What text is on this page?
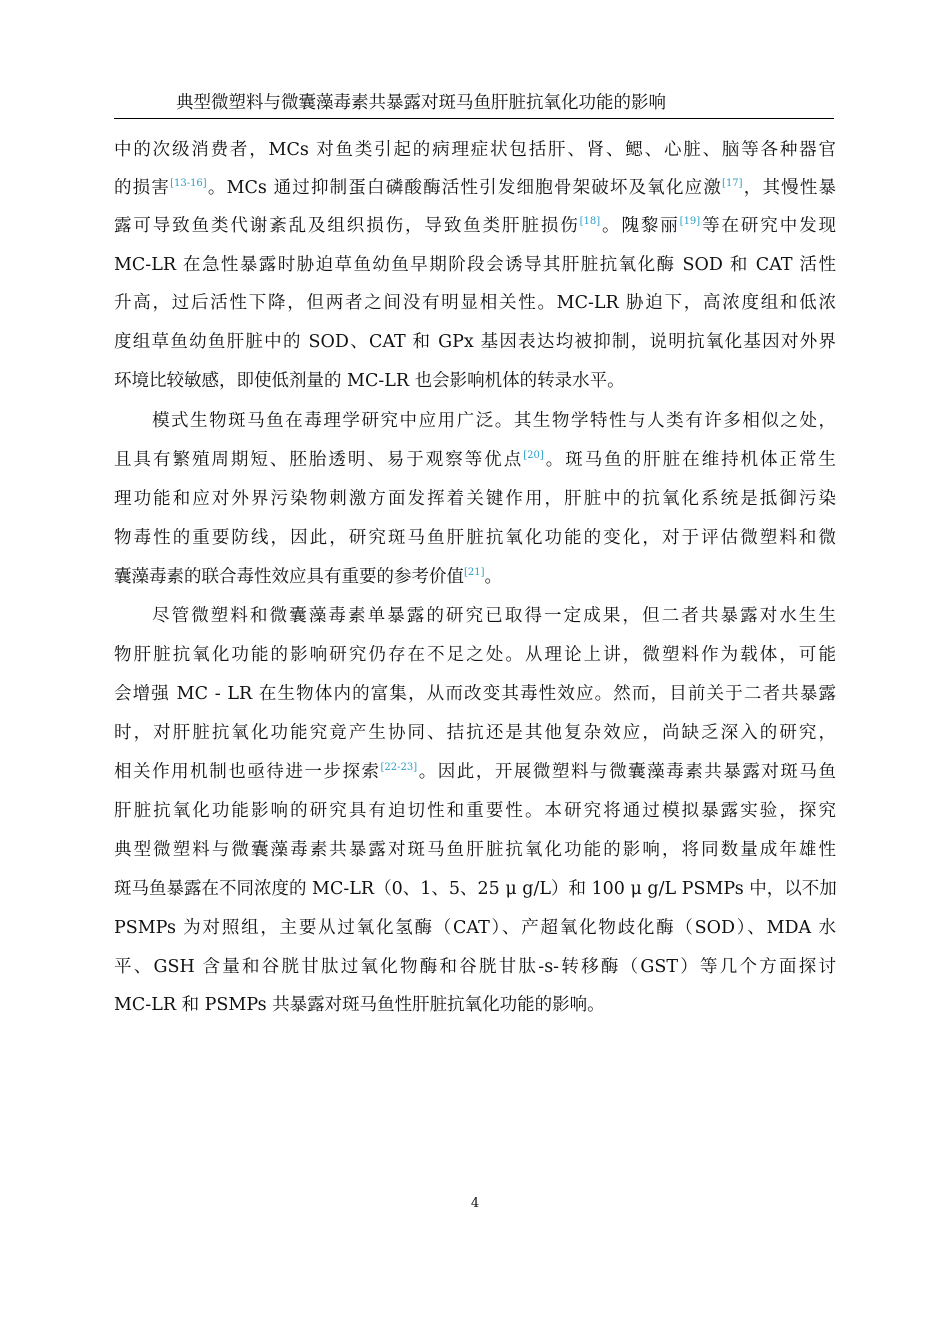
典型微塑料与微囊藻毒素共暴露对斑马鱼肝脏抗氧化功能的影响
中的次级消费者，MCs 对鱼类引起的病理症状包括肝、肾、鳃、心脏、脑等各种器官
的损害[13-16]。MCs 通过抑制蛋白磷酸酶活性引发细胞骨架破坏及氧化应激[17]，其慢性暴
露可导致鱼类代谢紊乱及组织损伤，导致鱼类肝脏损伤[18]。隗黎丽[19]等在研究中发现
MC-LR 在急性暴露时胁迫草鱼幼鱼早期阶段会诱导其肝脏抗氧化酶 SOD 和 CAT 活性
升高，过后活性下降，但两者之间没有明显相关性。MC-LR 胁迫下，高浓度组和低浓
度组草鱼幼鱼肝脏中的 SOD、CAT 和 GPx 基因表达均被抑制，说明抗氧化基因对外界
环境比较敏感，即使低剂量的 MC-LR 也会影响机体的转录水平。
模式生物斑马鱼在毒理学研究中应用广泛。其生物学特性与人类有许多相似之处，
且具有繁殖周期短、胚胎透明、易于观察等优点[20]。斑马鱼的肝脏在维持机体正常生
理功能和应对外界污染物刺激方面发挥着关键作用，肝脏中的抗氧化系统是抵御污染
物毒性的重要防线，因此，研究斑马鱼肝脏抗氧化功能的变化，对于评估微塑料和微
囊藻毒素的联合毒性效应具有重要的参考价值[21]。
尽管微塑料和微囊藻毒素单暴露的研究已取得一定成果，但二者共暴露对水生生
物肝脏抗氧化功能的影响研究仍存在不足之处。从理论上讲，微塑料作为载体，可能
会增强 MC - LR 在生物体内的富集，从而改变其毒性效应。然而，目前关于二者共暴露
时，对肝脏抗氧化功能究竟产生协同、拮抗还是其他复杂效应，尚缺乏深入的研究，
相关作用机制也亟待进一步探索[22-23]。因此，开展微塑料与微囊藻毒素共暴露对斑马鱼
肝脏抗氧化功能影响的研究具有迫切性和重要性。本研究将通过模拟暴露实验，探究
典型微塑料与微囊藻毒素共暴露对斑马鱼肝脏抗氧化功能的影响，将同数量成年雄性
斑马鱼暴露在不同浓度的 MC-LR（0、1、5、25 μ g/L）和 100 μ g/L PSMPs 中，以不加
PSMPs 为对照组，主要从过氧化氢酶（CAT）、产超氧化物歧化酶（SOD）、MDA 水
平、GSH 含量和谷胱甘肽过氧化物酶和谷胱甘肽-s-转移酶（GST）等几个方面探讨
MC-LR 和 PSMPs 共暴露对斑马鱼性肝脏抗氧化功能的影响。
4
